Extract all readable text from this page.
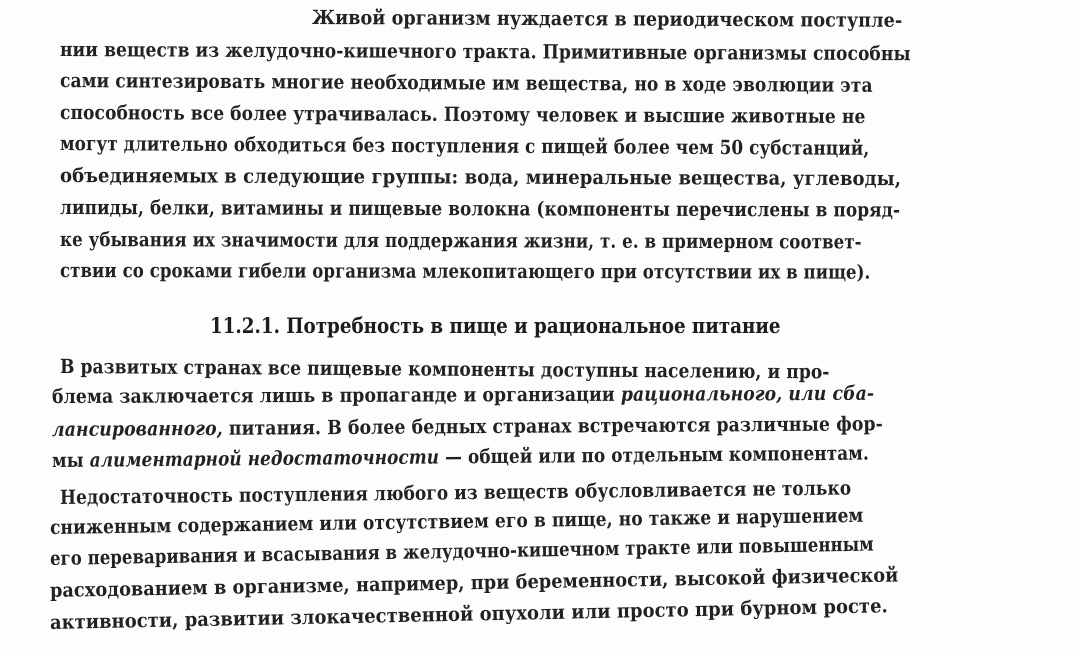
Живой организм нуждается в периодическом поступле-
нии веществ из желудочно-кишечного тракта. Примитивные организмы способны
сами синтезировать многие необходимые им вещества, но в ходе эволюции эта
способность все более утрачивалась. Поэтому человек и высшие животные не
могут длительно обходиться без поступления с пищей более чем 50 субстанций,
объединяемых в следующие группы: вода, минеральные вещества, углеводы,
липиды, белки, витамины и пищевые волокна (компоненты перечислены в поряд-
ке убывания их значимости для поддержания жизни, т. е. в примерном соответ-
ствии со сроками гибели организма млекопитающего при отсутствии их в пище).
11.2.1. Потребность в пище и рациональное питание
В развитых странах все пищевые компоненты доступны населению, и про-
блема заключается лишь в пропаганде и организации рационального, или сба-
лансированного, питания. В более бедных странах встречаются различные фор-
мы алиментарной недостаточности — общей или по отдельным компонентам.
Недостаточность поступления любого из веществ обусловливается не только
сниженным содержанием или отсутствием его в пище, но также и нарушением
его переваривания и всасывания в желудочно-кишечном тракте или повышенным
расходованием в организме, например, при беременности, высокой физической
активности, развитии злокачественной опухоли или просто при бурном росте.
